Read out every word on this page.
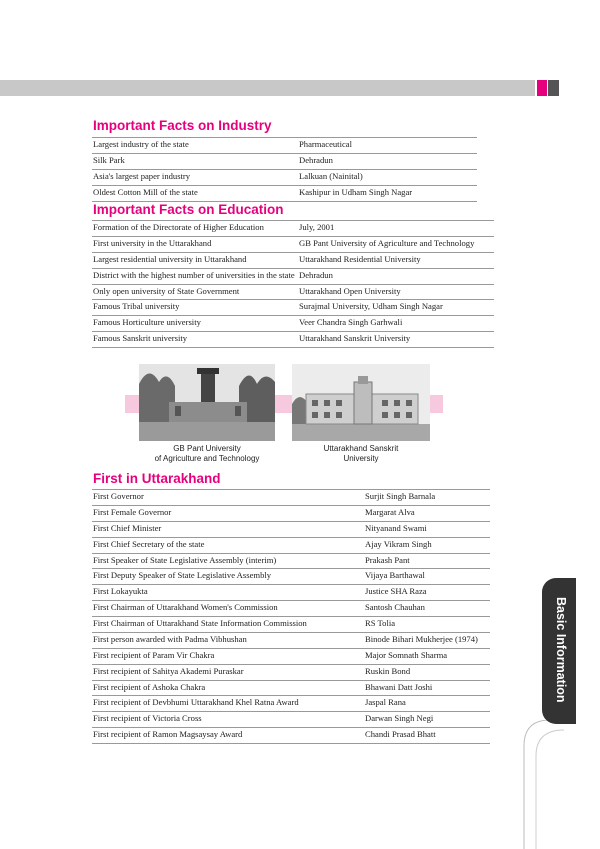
Important Facts on Industry
Largest industry of the state	Pharmaceutical
Silk Park	Dehradun
Asia's largest paper industry	Lalkuan (Nainital)
Oldest Cotton Mill of the state	Kashipur in Udham Singh Nagar
Important Facts on Education
Formation of the Directorate of Higher Education	July, 2001
First university in the Uttarakhand	GB Pant University of Agriculture and Technology
Largest residential university in Uttarakhand	Uttarakhand Residential University
District with the highest number of universities in the state	Dehradun
Only open university of State Government	Uttarakhand Open University
Famous Tribal university	Surajmal University, Udham Singh Nagar
Famous Horticulture university	Veer Chandra Singh Garhwali
Famous Sanskrit university	Uttarakhand Sanskrit University
GB Pant University
of Agriculture and Technology
Uttarakhand Sanskrit
University
First in Uttarakhand
First Governor	Surjit Singh Barnala
First Female Governor	Margarat Alva
First Chief Minister	Nityanand Swami
First Chief Secretary of the state	Ajay Vikram Singh
First Speaker of State Legislative Assembly (interim)	Prakash Pant
First Deputy Speaker of State Legislative Assembly	Vijaya Barthawal
First Lokayukta	Justice SHA Raza
First Chairman of Uttarakhand Women's Commission	Santosh Chauhan
First Chairman of Uttarakhand State Information Commission	RS Tolia
First person awarded with Padma Vibhushan	Binode Bihari Mukherjee (1974)
First recipient of Param Vir Chakra	Major Somnath Sharma
First recipient of Sahitya Akademi Puraskar	Ruskin Bond
First recipient of Ashoka Chakra	Bhawani Datt Joshi
First recipient of Devbhumi Uttarakhand Khel Ratna Award	Jaspal Rana
First recipient of Victoria Cross	Darwan Singh Negi
First recipient of Ramon Magsaysay Award	Chandi Prasad Bhatt
Basic Information
